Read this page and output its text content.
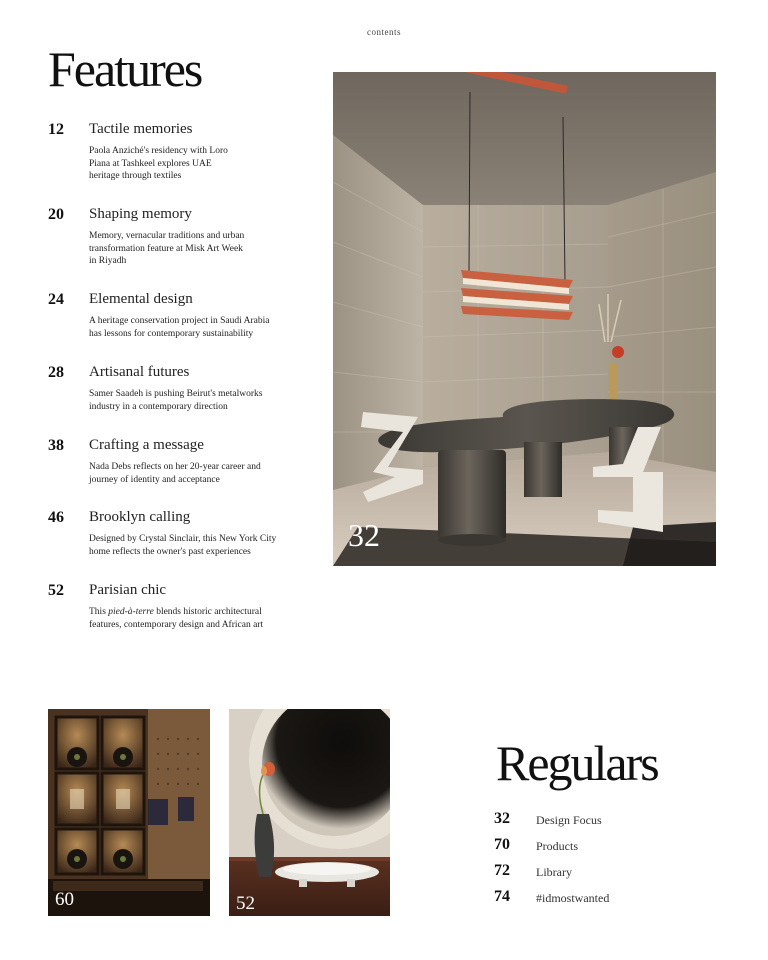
contents
Features
12 Tactile memories
Paola Anziché's residency with Loro
Piana at Tashkeel explores UAE
heritage through textiles
20 Shaping memory
Memory, vernacular traditions and urban
transformation feature at Misk Art Week
in Riyadh
24 Elemental design
A heritage conservation project in Saudi Arabia
has lessons for contemporary sustainability
28 Artisanal futures
Samer Saadeh is pushing Beirut's metalworks
industry in a contemporary direction
38 Crafting a message
Nada Debs reflects on her 20-year career and
journey of identity and acceptance
46 Brooklyn calling
Designed by Crystal Sinclair, this New York City
home reflects the owner's past experiences
52 Parisian chic
This pied-à-terre blends historic architectural
features, contemporary design and African art
32
60	52
Regulars
32 Design Focus
70 Products
72 Library
74 #idmostwanted
